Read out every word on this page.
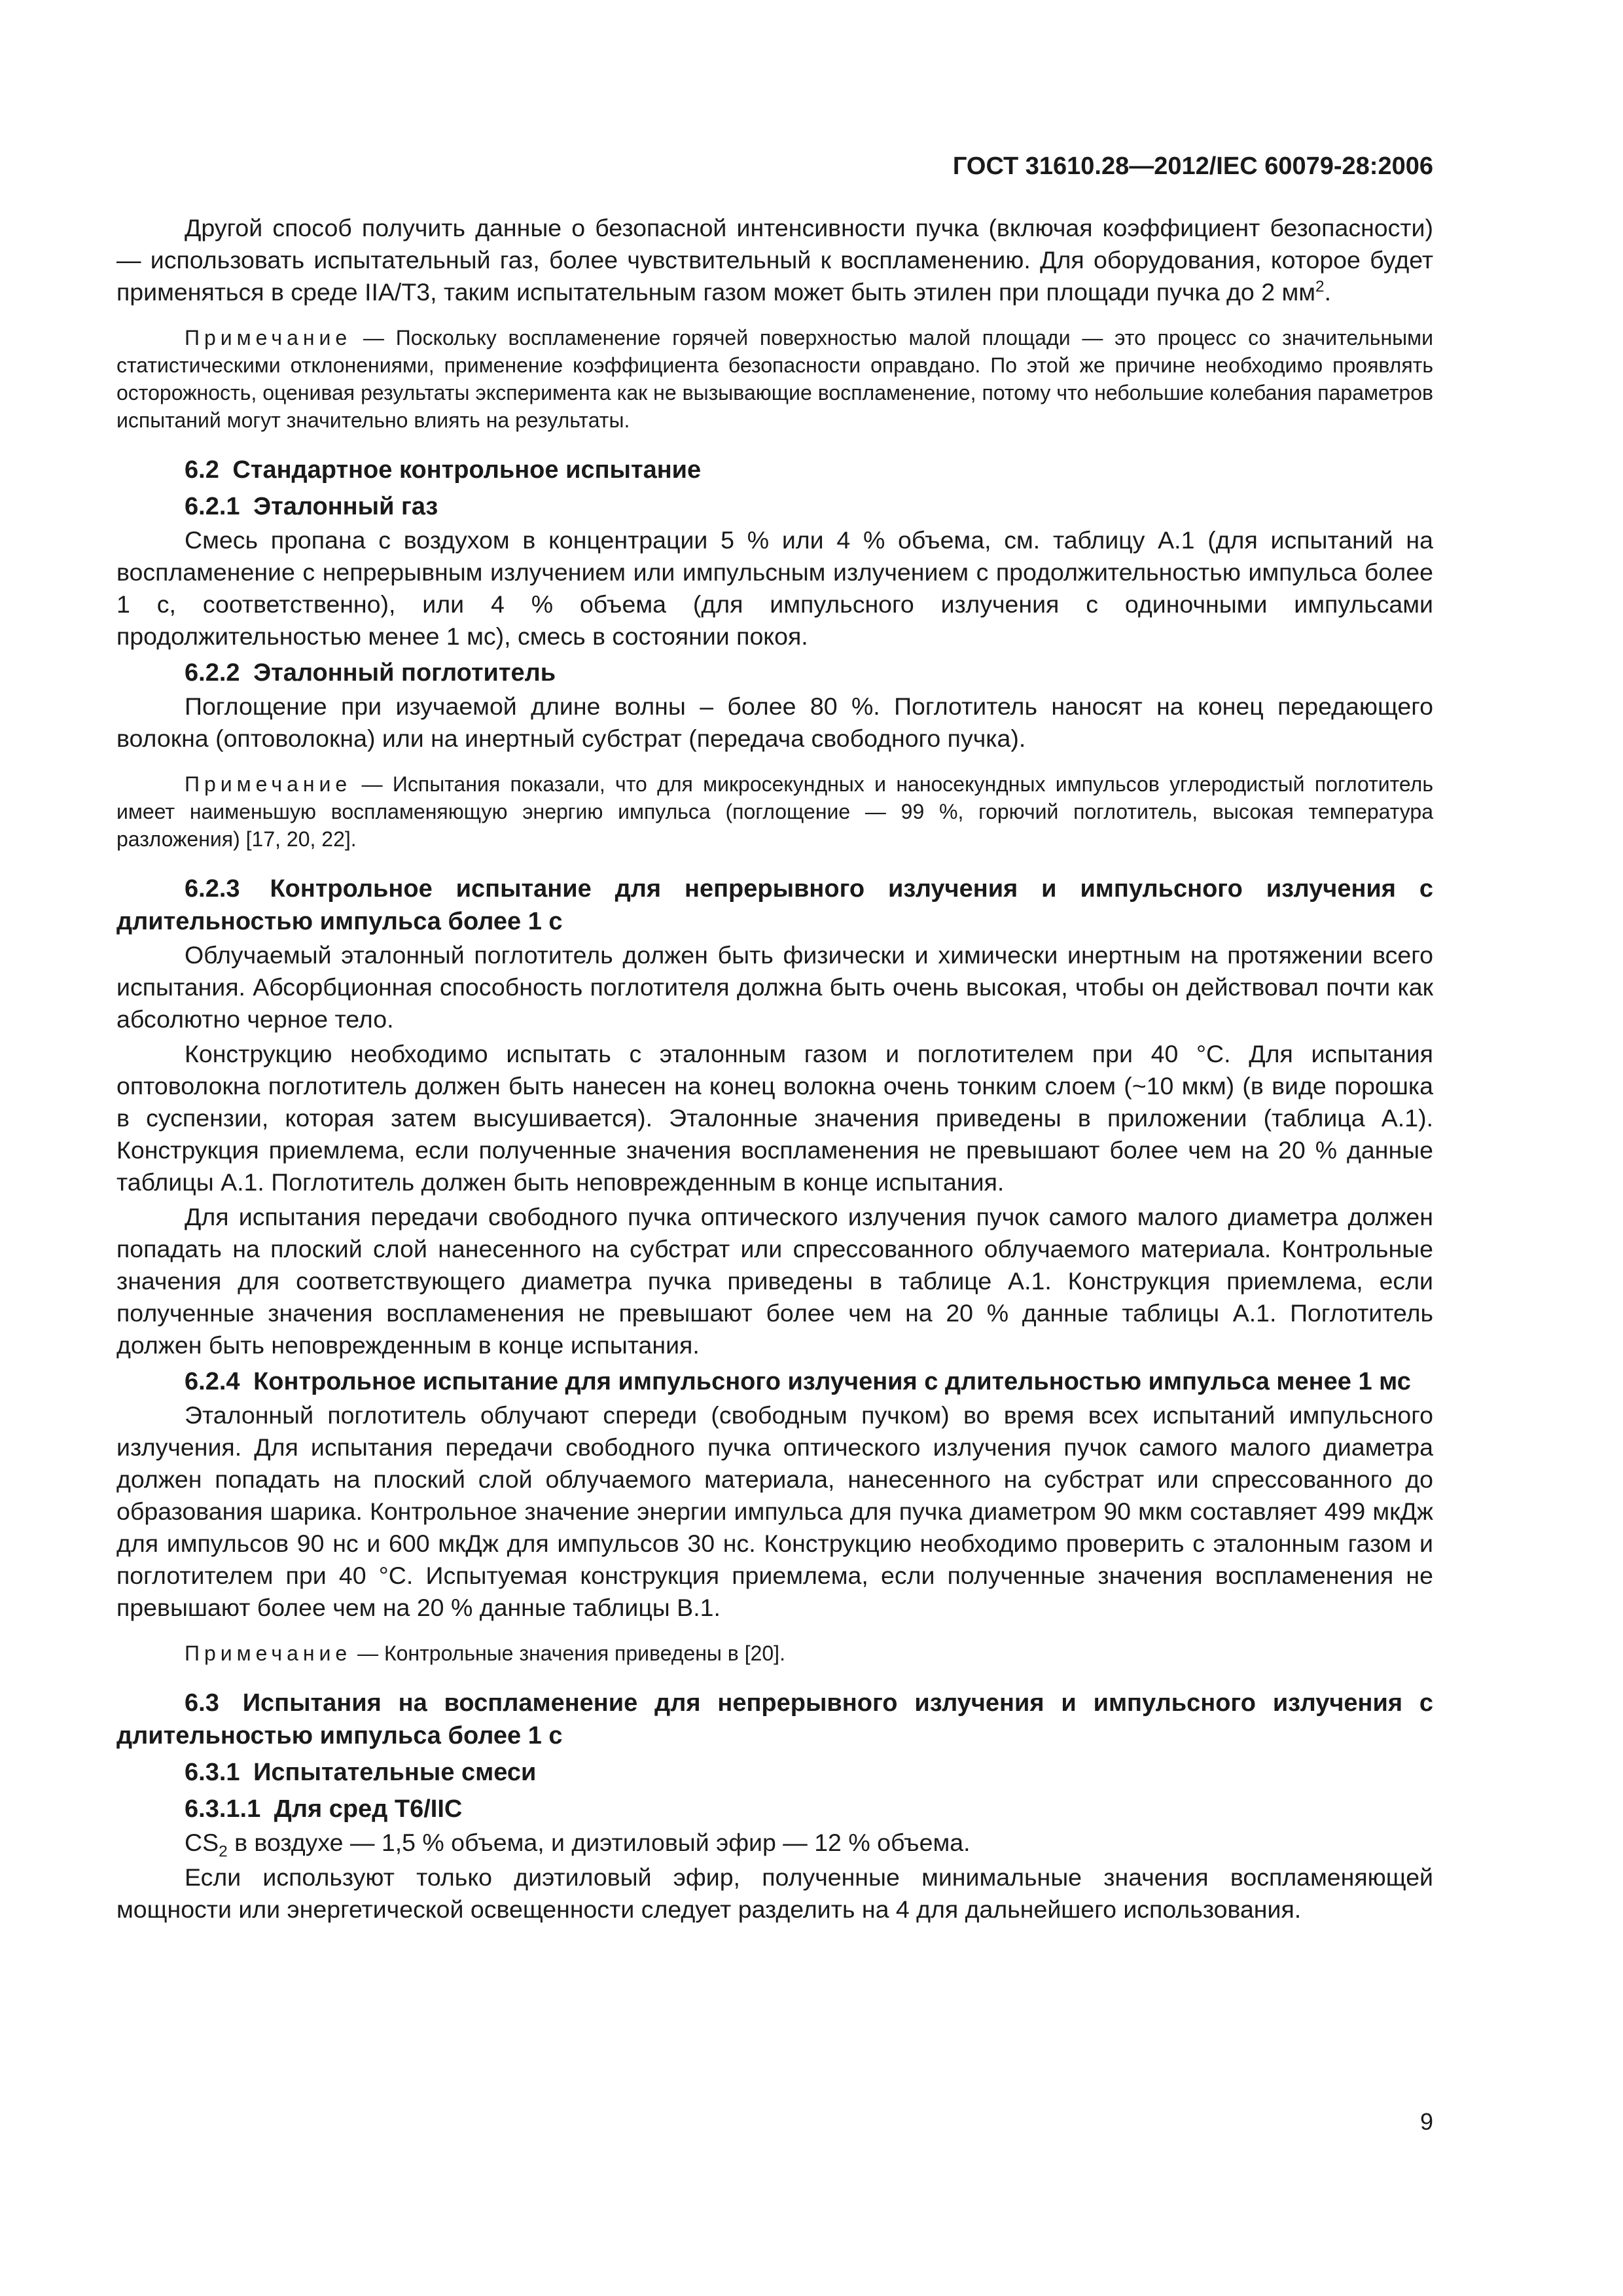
ГОСТ 31610.28—2012/IEC 60079-28:2006

Другой способ получить данные о безопасной интенсивности пучка (включая коэффициент безопасности) — использовать испытательный газ, более чувствительный к воспламенению. Для оборудования, которое будет применяться в среде IIA/T3, таким испытательным газом может быть этилен при площади пучка до 2 $мм^2$.

Примечание — Поскольку воспламенение горячей поверхностью малой площади — это процесс со значительными статистическими отклонениями, применение коэффициента безопасности оправдано. По этой же причине необходимо проявлять осторожность, оценивая результаты эксперимента как не вызывающие воспламенение, потому что небольшие колебания параметров испытаний могут значительно влиять на результаты.

6.2 Стандартное контрольное испытание

6.2.1 Эталонный газ

Смесь пропана с воздухом в концентрации 5 % или 4 % объема, см. таблицу А.1 (для испытаний на воспламенение с непрерывным излучением или импульсным излучением с продолжительностью импульса более 1 с, соответственно), или 4 % объема (для импульсного излучения с одиночными импульсами продолжительностью менее 1 мс), смесь в состоянии покоя.

6.2.2 Эталонный поглотитель

Поглощение при изучаемой длине волны – более 80 %. Поглотитель наносят на конец передающего волокна (оптоволокна) или на инертный субстрат (передача свободного пучка).

Примечание — Испытания показали, что для микросекундных и наносекундных импульсов углеродистый поглотитель имеет наименьшую воспламеняющую энергию импульса (поглощение — 99 %, горючий поглотитель, высокая температура разложения) [17, 20, 22].

6.2.3 Контрольное испытание для непрерывного излучения и импульсного излучения с длительностью импульса более 1 с

Облучаемый эталонный поглотитель должен быть физически и химически инертным на протяжении всего испытания. Абсорбционная способность поглотителя должна быть очень высокая, чтобы он действовал почти как абсолютно черное тело.

Конструкцию необходимо испытать с эталонным газом и поглотителем при 40 °С. Для испытания оптоволокна поглотитель должен быть нанесен на конец волокна очень тонким слоем (~10 мкм) (в виде порошка в суспензии, которая затем высушивается). Эталонные значения приведены в приложении (таблица А.1). Конструкция приемлема, если полученные значения воспламенения не превышают более чем на 20 % данные таблицы А.1. Поглотитель должен быть неповрежденным в конце испытания.

Для испытания передачи свободного пучка оптического излучения пучок самого малого диаметра должен попадать на плоский слой нанесенного на субстрат или спрессованного облучаемого материала. Контрольные значения для соответствующего диаметра пучка приведены в таблице А.1. Конструкция приемлема, если полученные значения воспламенения не превышают более чем на 20 % данные таблицы А.1. Поглотитель должен быть неповрежденным в конце испытания.

6.2.4 Контрольное испытание для импульсного излучения с длительностью импульса менее 1 мс

Эталонный поглотитель облучают спереди (свободным пучком) во время всех испытаний импульсного излучения. Для испытания передачи свободного пучка оптического излучения пучок самого малого диаметра должен попадать на плоский слой облучаемого материала, нанесенного на субстрат или спрессованного до образования шарика. Контрольное значение энергии импульса для пучка диаметром 90 мкм составляет 499 мкДж для импульсов 90 нс и 600 мкДж для импульсов 30 нс. Конструкцию необходимо проверить с эталонным газом и поглотителем при 40 °С. Испытуемая конструкция приемлема, если полученные значения воспламенения не превышают более чем на 20 % данные таблицы В.1.

Примечание — Контрольные значения приведены в [20].

6.3 Испытания на воспламенение для непрерывного излучения и импульсного излучения с длительностью импульса более 1 с

6.3.1 Испытательные смеси

6.3.1.1 Для сред Т6/IIC

$CS_2$ в воздухе — 1,5 % объема, и диэтиловый эфир — 12 % объема.

Если используют только диэтиловый эфир, полученные минимальные значения воспламеняющей мощности или энергетической освещенности следует разделить на 4 для дальнейшего использования.

9
